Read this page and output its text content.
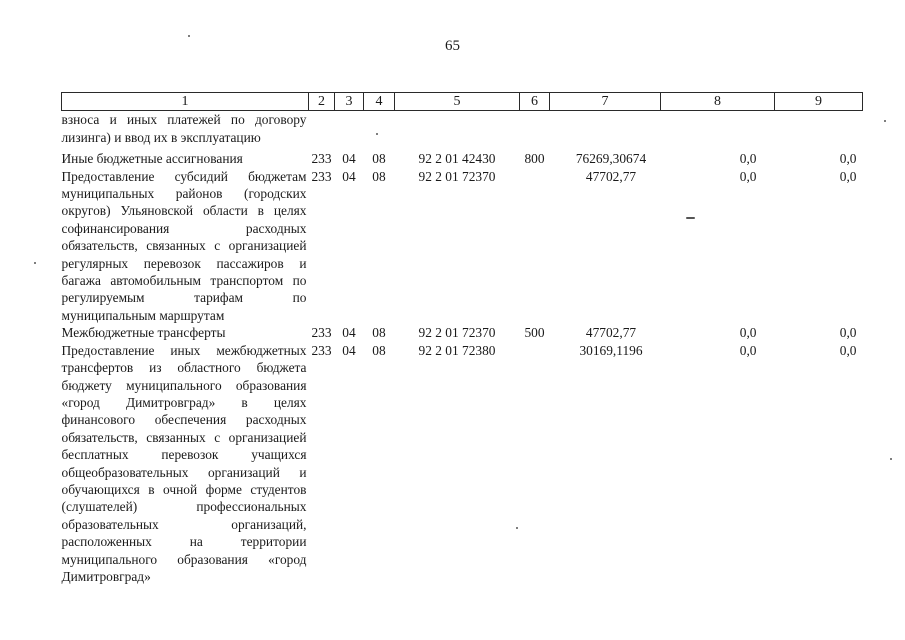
65
1	2	3	4	5	6	7	8	9
взноса и иных платежей по договору лизинга) и ввод их в эксплуатацию								

Иные бюджетные ассигнования	233	04	08	92 2 01 42430	800	76269,30674	0,0	0,0
Предоставление субсидий бюджетам муниципальных районов (городских округов) Ульяновской области в целях софинансирования расходных обязательств, связанных с организацией регулярных перевозок пассажиров и багажа автомобильным транспортом по регулируемым тарифам по муниципальным маршрутам	233	04	08	92 2 01 72370		47702,77	0,0	0,0
Межбюджетные трансферты	233	04	08	92 2 01 72370	500	47702,77	0,0	0,0
Предоставление иных межбюджетных трансфертов из областного бюджета бюджету муниципального образования «город Димитровград» в целях финансового обеспечения расходных обязательств, связанных с организацией бесплатных перевозок учащихся общеобразовательных организаций и обучающихся в очной форме студентов (слушателей) профессиональных образовательных организаций, расположенных на территории муниципального образования «город Димитровград»	233	04	08	92 2 01 72380		30169,1196	0,0	0,0
